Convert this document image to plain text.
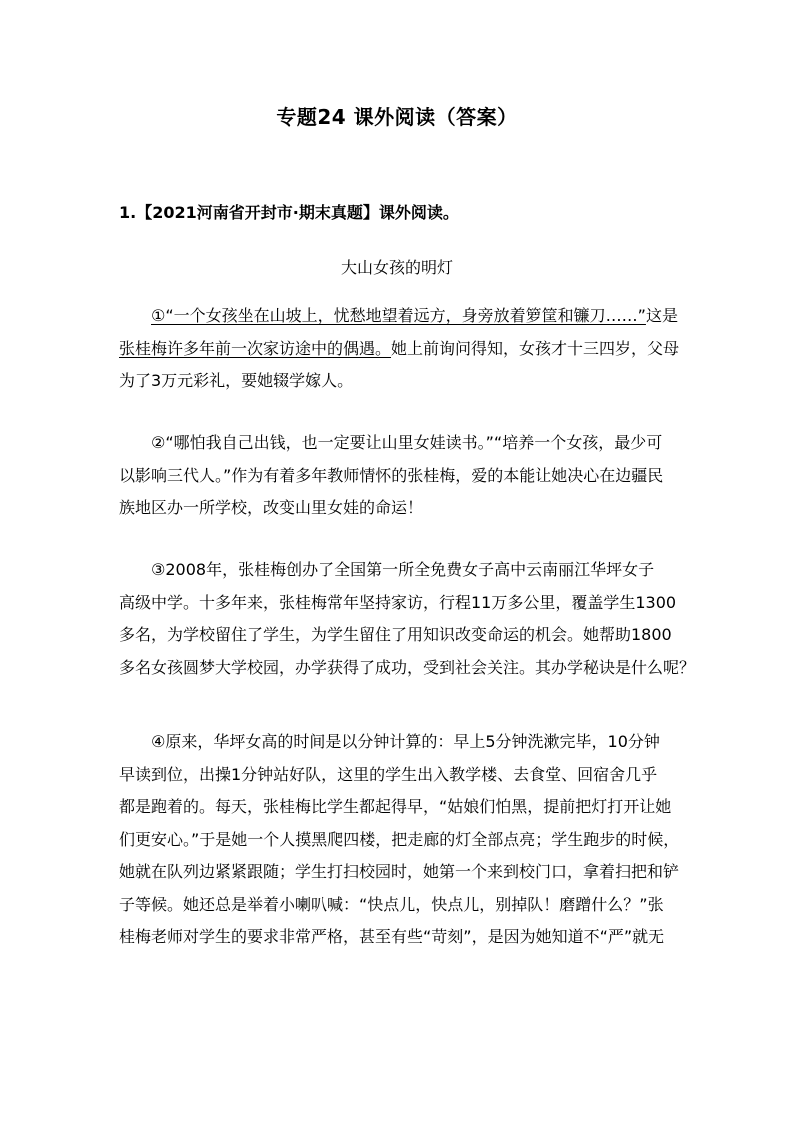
专题24 课外阅读（答案）
1.【2021河南省开封市·期末真题】课外阅读。
大山女孩的明灯
①“一个女孩坐在山坡上，忧愁地望着远方，身旁放着箩筐和镰刀……”这是
张桂梅许多年前一次家访途中的偶遇。她上前询问得知，女孩才十三四岁，父母
为了3万元彩礼，要她辍学嫁人。
②“哪怕我自己出钱，也一定要让山里女娃读书。”“培养一个女孩，最少可
以影响三代人。”作为有着多年教师情怀的张桂梅，爱的本能让她决心在边疆民
族地区办一所学校，改变山里女娃的命运！
③2008年，张桂梅创办了全国第一所全免费女子高中云南丽江华坪女子
高级中学。十多年来，张桂梅常年坚持家访，行程11万多公里，覆盖学生1300
多名，为学校留住了学生，为学生留住了用知识改变命运的机会。她帮助1800
多名女孩圆梦大学校园，办学获得了成功，受到社会关注。其办学秘诀是什么呢？
④原来，华坪女高的时间是以分钟计算的：早上5分钟洗漱完毕，10分钟
早读到位，出操1分钟站好队，这里的学生出入教学楼、去食堂、回宿舍几乎
都是跑着的。每天，张桂梅比学生都起得早，“姑娘们怕黑，提前把灯打开让她
们更安心。”于是她一个人摸黑爬四楼，把走廊的灯全部点亮；学生跑步的时候，
她就在队列边紧紧跟随；学生打扫校园时，她第一个来到校门口，拿着扫把和铲
子等候。她还总是举着小喇叭喊：“快点儿，快点儿，别掉队！磨蹭什么？”张
桂梅老师对学生的要求非常严格，甚至有些“苛刻”，是因为她知道不“严”就无
